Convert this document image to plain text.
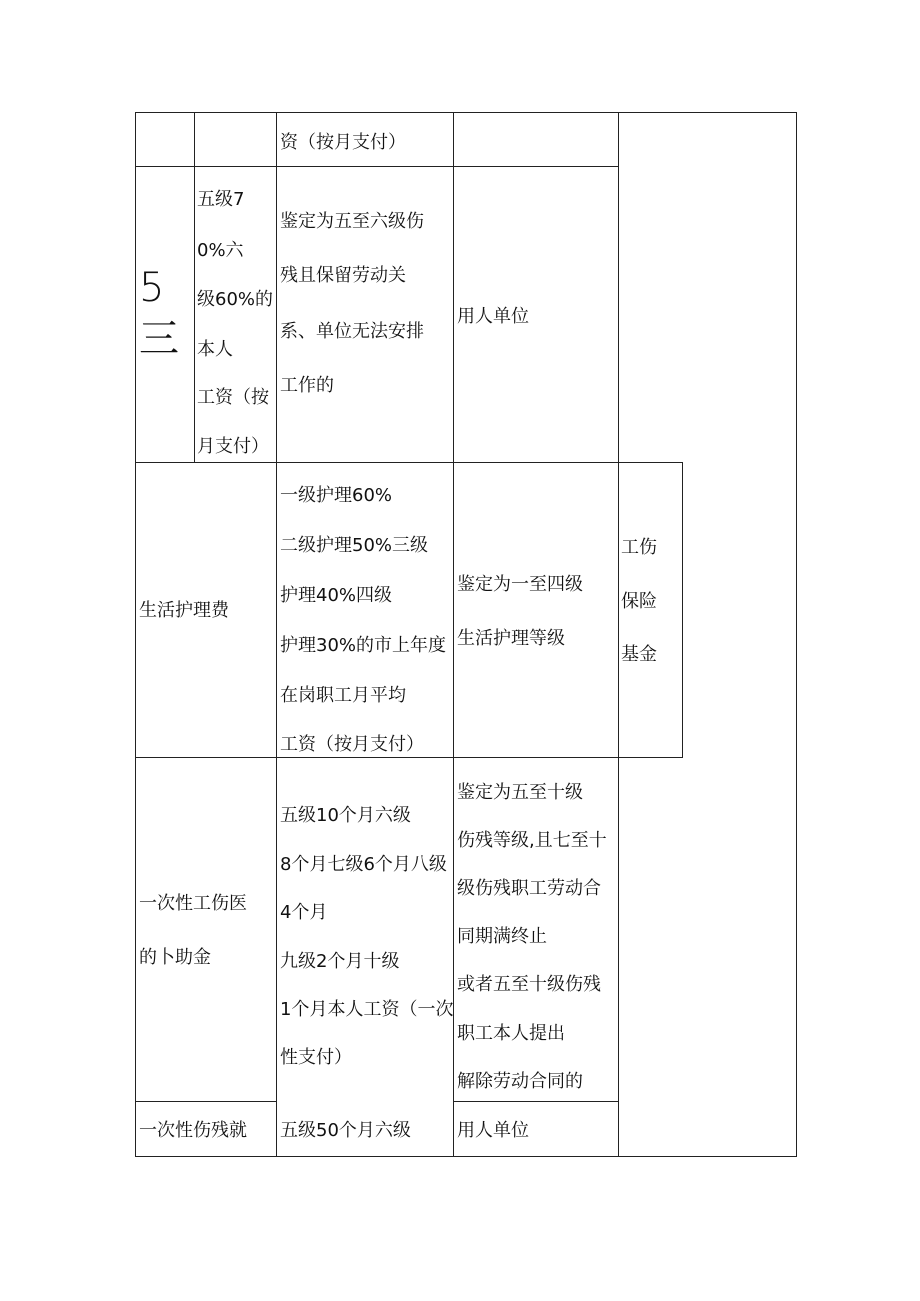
资（按月支付）
5
三
五级7
0%六
级60%的
本人
工资（按
月支付）
鉴定为五至六级伤
残且保留劳动关
系、单位无法安排
工作的
用人单位
生活护理费
一级护理60%
二级护理50%三级
护理40%四级
护理30%的市上年度
在岗职工月平均
工资（按月支付）
鉴定为一至四级
生活护理等级
工伤
保险
基金
一次性工伤医
的卜助金
五级10个月六级
8个月七级6个月八级
4个月
九级2个月十级
1个月本人工资（一次
性支付）
鉴定为五至十级
伤残等级,且七至十
级伤残职工劳动合
同期满终止
或者五至十级伤残
职工本人提出
解除劳动合同的
一次性伤残就 五级50个月六级	用人单位
